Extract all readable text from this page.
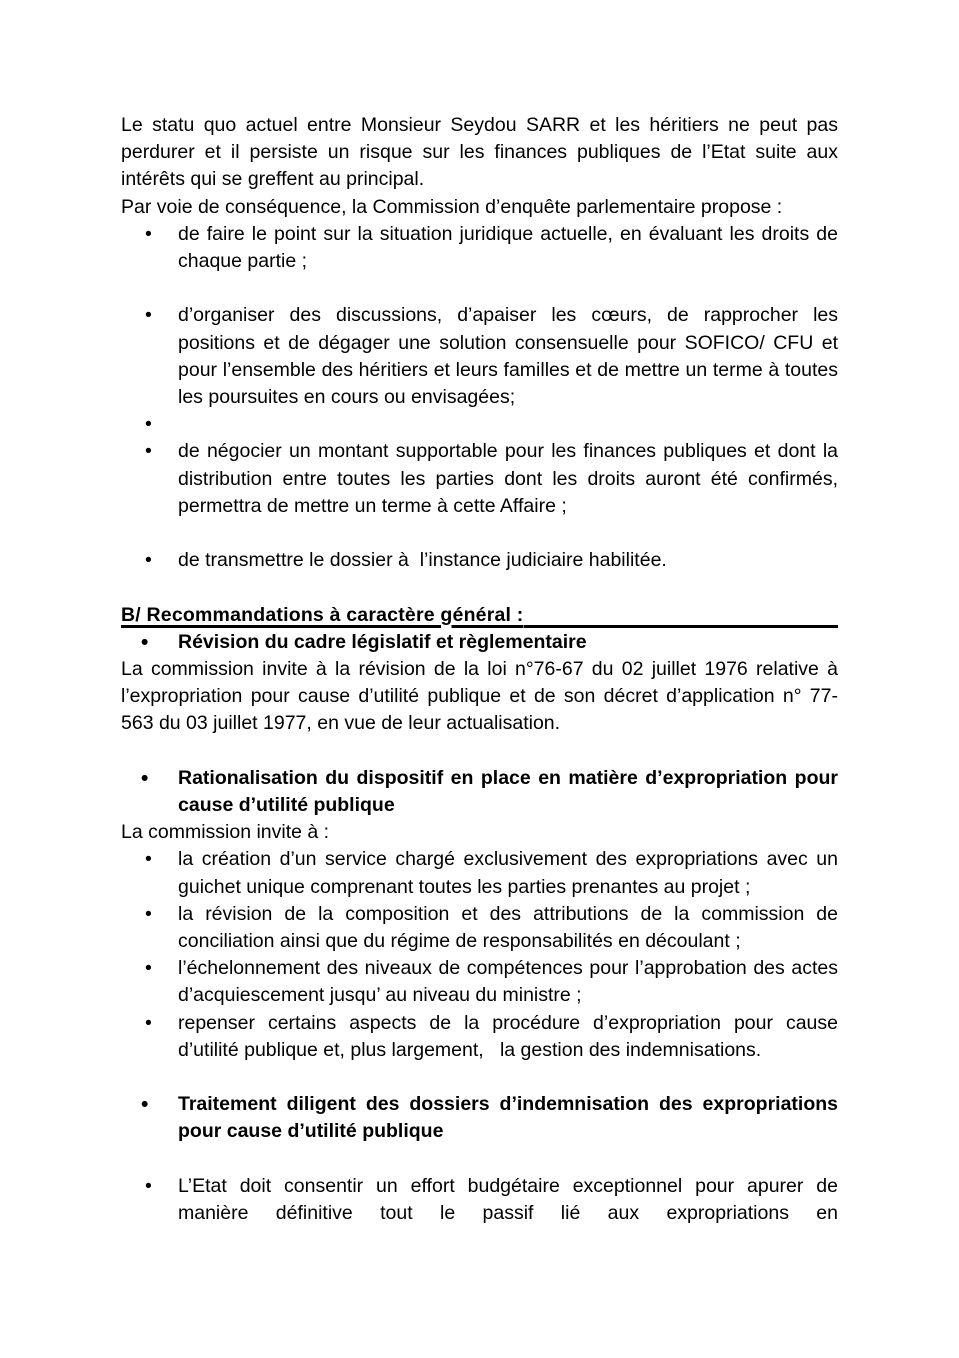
Le statu quo actuel entre Monsieur Seydou SARR et les héritiers ne peut pas perdurer et il persiste un risque sur les finances publiques de l’Etat suite aux intérêts qui se greffent au principal.

Par voie de conséquence, la Commission d’enquête parlementaire propose :

•	de faire le point sur la situation juridique actuelle, en évaluant les droits de chaque partie ;
•	d’organiser des discussions, d’apaiser les cœurs, de rapprocher les positions et de dégager une solution consensuelle pour SOFICO/ CFU et pour l’ensemble des héritiers et leurs familles et de mettre un terme à toutes les poursuites en cours ou envisagées;
•
•	de négocier un montant supportable pour les finances publiques et dont la distribution entre toutes les parties dont les droits auront été confirmés, permettra de mettre un terme à cette Affaire ;
•	de transmettre le dossier à  l’instance judiciaire habilitée.
B/ Recommandations à caractère général :
•	Révision du cadre législatif et règlementaire

La commission invite à la révision de la loi n°76-67 du 02 juillet 1976 relative à l’expropriation pour cause d’utilité publique et de son décret d’application n° 77-563 du 03 juillet 1977, en vue de leur actualisation.

•	Rationalisation du dispositif en place en matière d’expropriation pour cause d’utilité publique

La commission invite à :

•	la création d’un service chargé exclusivement des expropriations avec un guichet unique comprenant toutes les parties prenantes au projet ;
•	la révision de la composition et des attributions de la commission de conciliation ainsi que du régime de responsabilités en découlant ;
•	l’échelonnement des niveaux de compétences pour l’approbation des actes d’acquiescement jusqu’ au niveau du ministre ;
•	repenser certains aspects de la procédure d’expropriation pour cause d’utilité publique et, plus largement,   la gestion des indemnisations.
•	Traitement diligent des dossiers d’indemnisation des expropriations pour cause d’utilité publique
•	L’Etat doit consentir un effort budgétaire exceptionnel pour apurer de manière définitive tout le passif lié aux expropriations en
